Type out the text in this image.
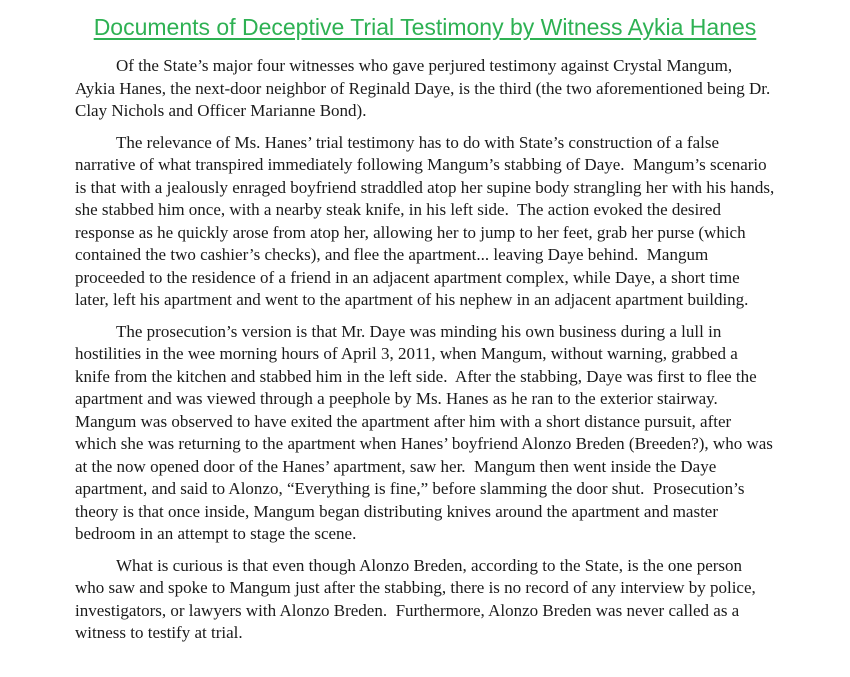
Documents of Deceptive Trial Testimony by Witness Aykia Hanes

Of the State’s major four witnesses who gave perjured testimony against Crystal Mangum, Aykia Hanes, the next-door neighbor of Reginald Daye, is the third (the two aforementioned being Dr. Clay Nichols and Officer Marianne Bond).

The relevance of Ms. Hanes’ trial testimony has to do with State’s construction of a false narrative of what transpired immediately following Mangum’s stabbing of Daye.  Mangum’s scenario is that with a jealously enraged boyfriend straddled atop her supine body strangling her with his hands, she stabbed him once, with a nearby steak knife, in his left side.  The action evoked the desired response as he quickly arose from atop her, allowing her to jump to her feet, grab her purse (which contained the two cashier’s checks), and flee the apartment... leaving Daye behind.  Mangum proceeded to the residence of a friend in an adjacent apartment complex, while Daye, a short time later, left his apartment and went to the apartment of his nephew in an adjacent apartment building.

The prosecution’s version is that Mr. Daye was minding his own business during a lull in hostilities in the wee morning hours of April 3, 2011, when Mangum, without warning, grabbed a knife from the kitchen and stabbed him in the left side.  After the stabbing, Daye was first to flee the apartment and was viewed through a peephole by Ms. Hanes as he ran to the exterior stairway.  Mangum was observed to have exited the apartment after him with a short distance pursuit, after which she was returning to the apartment when Hanes’ boyfriend Alonzo Breden (Breeden?), who was at the now opened door of the Hanes’ apartment, saw her.  Mangum then went inside the Daye apartment, and said to Alonzo, “Everything is fine,” before slamming the door shut.  Prosecution’s theory is that once inside, Mangum began distributing knives around the apartment and master bedroom in an attempt to stage the scene.

What is curious is that even though Alonzo Breden, according to the State, is the one person who saw and spoke to Mangum just after the stabbing, there is no record of any interview by police, investigators, or lawyers with Alonzo Breden.  Furthermore, Alonzo Breden was never called as a witness to testify at trial.
